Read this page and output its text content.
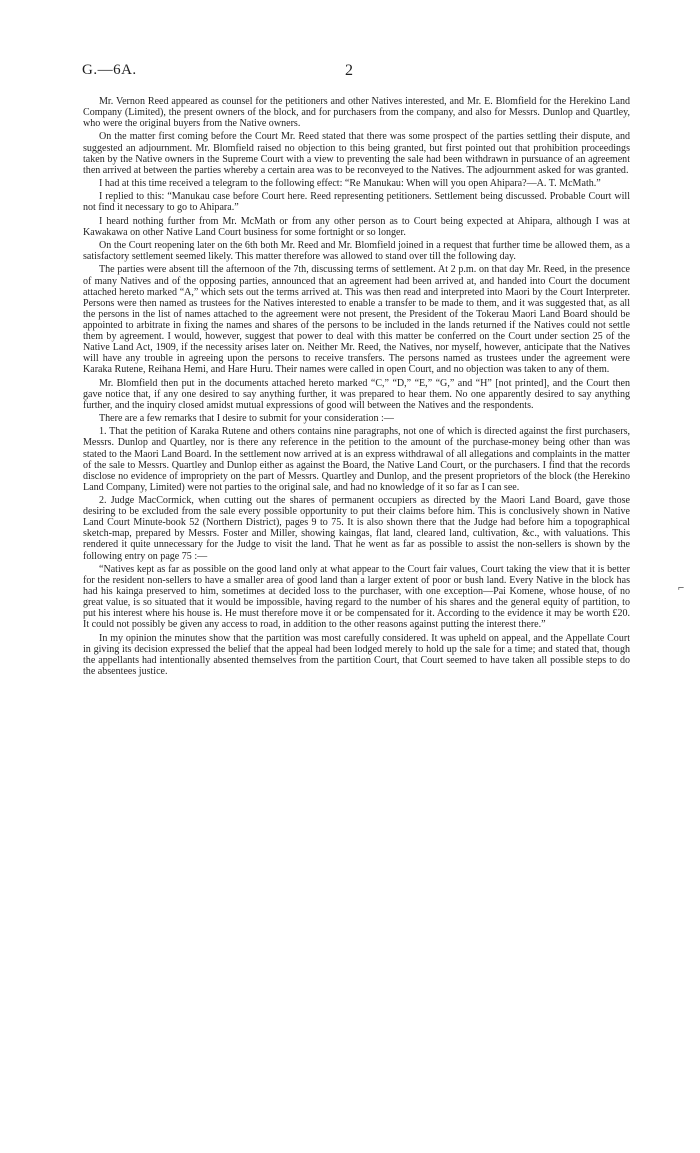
G.—6A.	2

Mr. Vernon Reed appeared as counsel for the petitioners and other Natives interested, and Mr. E. Blomfield for the Herekino Land Company (Limited), the present owners of the block, and for purchasers from the company, and also for Messrs. Dunlop and Quartley, who were the original buyers from the Native owners.

On the matter first coming before the Court Mr. Reed stated that there was some prospect of the parties settling their dispute, and suggested an adjournment. Mr. Blomfield raised no objection to this being granted, but first pointed out that prohibition proceedings taken by the Native owners in the Supreme Court with a view to preventing the sale had been withdrawn in pursuance of an agreement then arrived at between the parties whereby a certain area was to be reconveyed to the Natives. The adjournment asked for was granted.

I had at this time received a telegram to the following effect: “Re Manukau: When will you open Ahipara?—A. T. McMath.”

I replied to this: “Manukau case before Court here. Reed representing petitioners. Settlement being discussed. Probable Court will not find it necessary to go to Ahipara.”

I heard nothing further from Mr. McMath or from any other person as to Court being expected at Ahipara, although I was at Kawakawa on other Native Land Court business for some fortnight or so longer.

On the Court reopening later on the 6th both Mr. Reed and Mr. Blomfield joined in a request that further time be allowed them, as a satisfactory settlement seemed likely. This matter therefore was allowed to stand over till the following day.

The parties were absent till the afternoon of the 7th, discussing terms of settlement. At 2 p.m. on that day Mr. Reed, in the presence of many Natives and of the opposing parties, announced that an agreement had been arrived at, and handed into Court the document attached hereto marked “A,” which sets out the terms arrived at. This was then read and interpreted into Maori by the Court Interpreter. Persons were then named as trustees for the Natives interested to enable a transfer to be made to them, and it was suggested that, as all the persons in the list of names attached to the agreement were not present, the President of the Tokerau Maori Land Board should be appointed to arbitrate in fixing the names and shares of the persons to be included in the lands returned if the Natives could not settle them by agreement. I would, however, suggest that power to deal with this matter be conferred on the Court under section 25 of the Native Land Act, 1909, if the necessity arises later on. Neither Mr. Reed, the Natives, nor myself, however, anticipate that the Natives will have any trouble in agreeing upon the persons to receive transfers. The persons named as trustees under the agreement were Karaka Rutene, Reihana Hemi, and Hare Huru. Their names were called in open Court, and no objection was taken to any of them.

Mr. Blomfield then put in the documents attached hereto marked “C,” “D,” “E,” “G,” and “H” [not printed], and the Court then gave notice that, if any one desired to say anything further, it was prepared to hear them. No one apparently desired to say anything further, and the inquiry closed amidst mutual expressions of good will between the Natives and the respondents.

There are a few remarks that I desire to submit for your consideration :—

1. That the petition of Karaka Rutene and others contains nine paragraphs, not one of which is directed against the first purchasers, Messrs. Dunlop and Quartley, nor is there any reference in the petition to the amount of the purchase-money being other than was stated to the Maori Land Board. In the settlement now arrived at is an express withdrawal of all allegations and complaints in the matter of the sale to Messrs. Quartley and Dunlop either as against the Board, the Native Land Court, or the purchasers. I find that the records disclose no evidence of impropriety on the part of Messrs. Quartley and Dunlop, and the present proprietors of the block (the Herekino Land Company, Limited) were not parties to the original sale, and had no knowledge of it so far as I can see.

2. Judge MacCormick, when cutting out the shares of permanent occupiers as directed by the Maori Land Board, gave those desiring to be excluded from the sale every possible opportunity to put their claims before him. This is conclusively shown in Native Land Court Minute-book 52 (Northern District), pages 9 to 75. It is also shown there that the Judge had before him a topographical sketch-map, prepared by Messrs. Foster and Miller, showing kaingas, flat land, cleared land, cultivation, &c., with valuations. This rendered it quite unnecessary for the Judge to visit the land. That he went as far as possible to assist the non-sellers is shown by the following entry on page 75 :—

“Natives kept as far as possible on the good land only at what appear to the Court fair values, Court taking the view that it is better for the resident non-sellers to have a smaller area of good land than a larger extent of poor or bush land. Every Native in the block has had his kainga preserved to him, sometimes at decided loss to the purchaser, with one exception—Pai Komene, whose house, of no great value, is so situated that it would be impossible, having regard to the number of his shares and the general equity of partition, to put his interest where his house is. He must therefore move it or be compensated for it. According to the evidence it may be worth £20. It could not possibly be given any access to road, in addition to the other reasons against putting the interest there.”

In my opinion the minutes show that the partition was most carefully considered. It was upheld on appeal, and the Appellate Court in giving its decision expressed the belief that the appeal had been lodged merely to hold up the sale for a time; and stated that, though the appellants had intentionally absented themselves from the partition Court, that Court seemed to have taken all possible steps to do the absentees justice.

⌐
